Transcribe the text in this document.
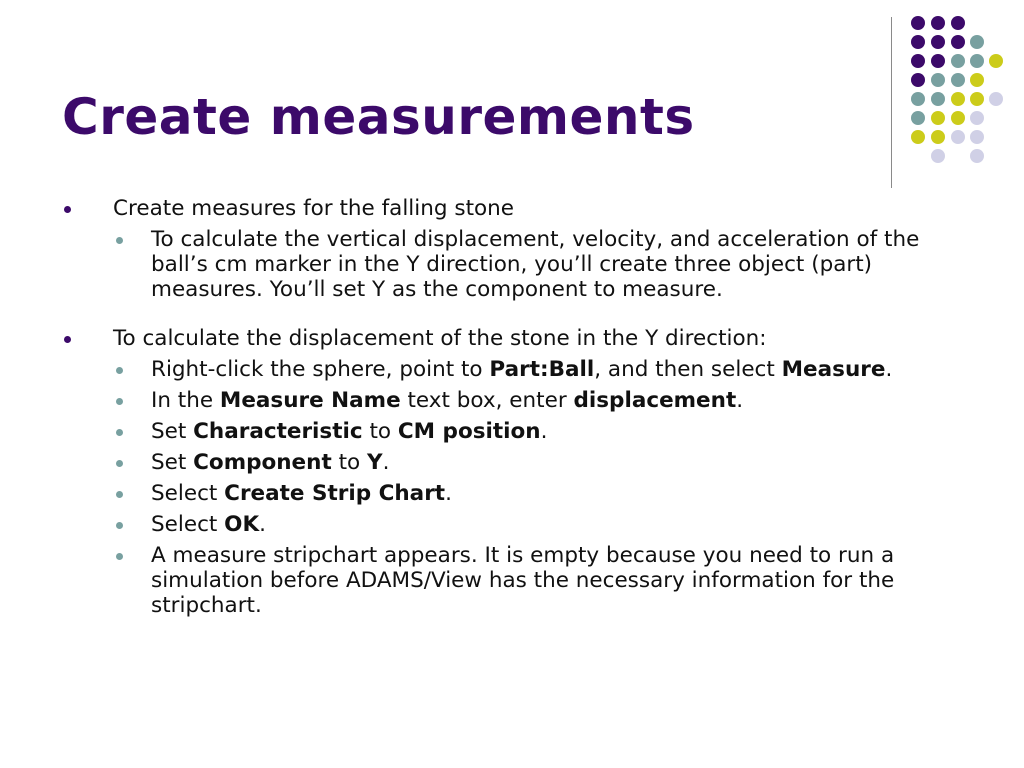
Create measurements

Create measures for the falling stone

To calculate the vertical displacement, velocity, and acceleration of the ball’s cm marker in the Y direction, you’ll create three object (part) measures. You’ll set Y as the component to measure.

To calculate the displacement of the stone in the Y direction:

Right-click the sphere, point to Part:Ball, and then select Measure.

In the Measure Name text box, enter displacement.

Set Characteristic to CM position.

Set Component to Y.

Select Create Strip Chart.

Select OK.

A measure stripchart appears. It is empty because you need to run a simulation before ADAMS/View has the necessary information for the stripchart.
